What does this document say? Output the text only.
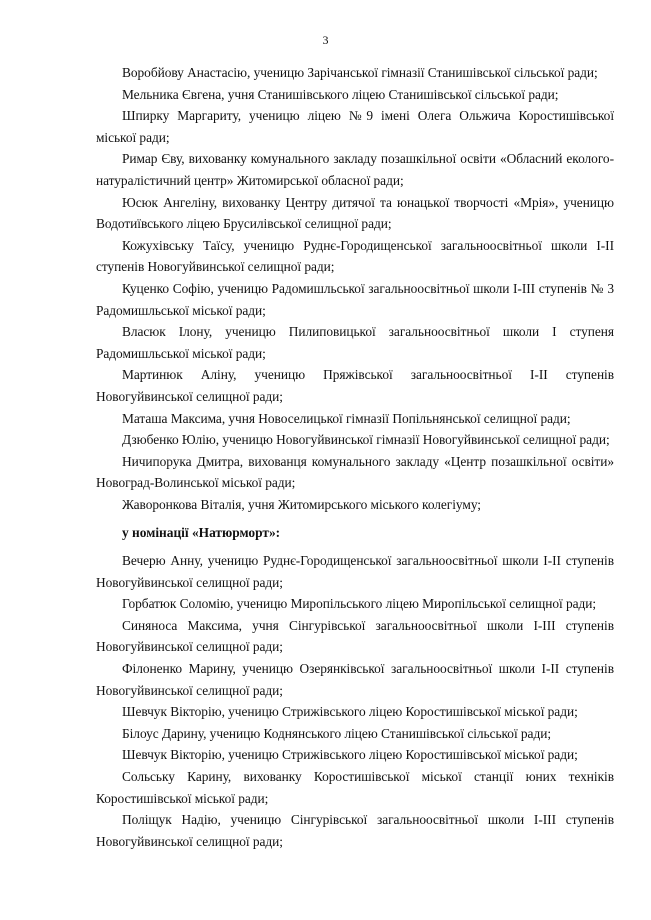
3

Воробйову Анастасію, ученицю Зарічанської гімназії Станишівської сільської ради;

Мельника Євгена, учня Станишівського ліцею Станишівської сільської ради;

Шпирку Маргариту, ученицю ліцею №9 імені Олега Ольжича Коростишівської міської ради;

Римар Єву, вихованку комунального закладу позашкільної освіти «Обласний еколого-натуралістичний центр» Житомирської обласної ради;

Юсюк Ангеліну, вихованку Центру дитячої та юнацької творчості «Мрія», ученицю Водотиївського ліцею Брусилівської селищної ради;

Кожухівську Таїсу, ученицю Руднє-Городищенської загальноосвітньої школи І-ІІ ступенів Новогуйвинської селищної ради;

Куценко Софію, ученицю Радомишльської загальноосвітньої школи І-ІІІ ступенів № 3 Радомишльської міської ради;

Власюк Ілону, ученицю Пилиповицької загальноосвітньої школи І ступеня Радомишльської міської ради;

Мартинюк Аліну, ученицю Пряжівської загальноосвітньої І-ІІ ступенів Новогуйвинської селищної ради;

Маташа Максима, учня Новоселицької гімназії Попільнянської селищної ради;

Дзюбенко Юлію, ученицю Новогуйвинської гімназії Новогуйвинської селищної ради;

Ничипорука Дмитра, вихованця комунального закладу «Центр позашкільної освіти» Новоград-Волинської міської ради;

Жаворонкова Віталія, учня Житомирського міського колегіуму;

у номінації «Натюрморт»:

Вечерю Анну, ученицю Руднє-Городищенської загальноосвітньої школи І-ІІ ступенів Новогуйвинської селищної ради;

Горбатюк Соломію, ученицю Миропільського ліцею Миропільської селищної ради;

Синяноса Максима, учня Сінгурівської загальноосвітньої школи І-ІІІ ступенів Новогуйвинської селищної ради;

Філоненко Марину, ученицю Озерянківської загальноосвітньої школи І-ІІ ступенів Новогуйвинської селищної ради;

Шевчук Вікторію, ученицю Стрижівського ліцею Коростишівської міської ради;

Білоус Дарину, ученицю Коднянського ліцею Станишівської сільської ради;

Шевчук Вікторію, ученицю Стрижівського ліцею Коростишівської міської ради;

Сольську Карину, вихованку Коростишівської міської станції юних техніків Коростишівської міської ради;

Поліщук Надію, ученицю Сінгурівської загальноосвітньої школи І-ІІІ ступенів Новогуйвинської селищної ради;
